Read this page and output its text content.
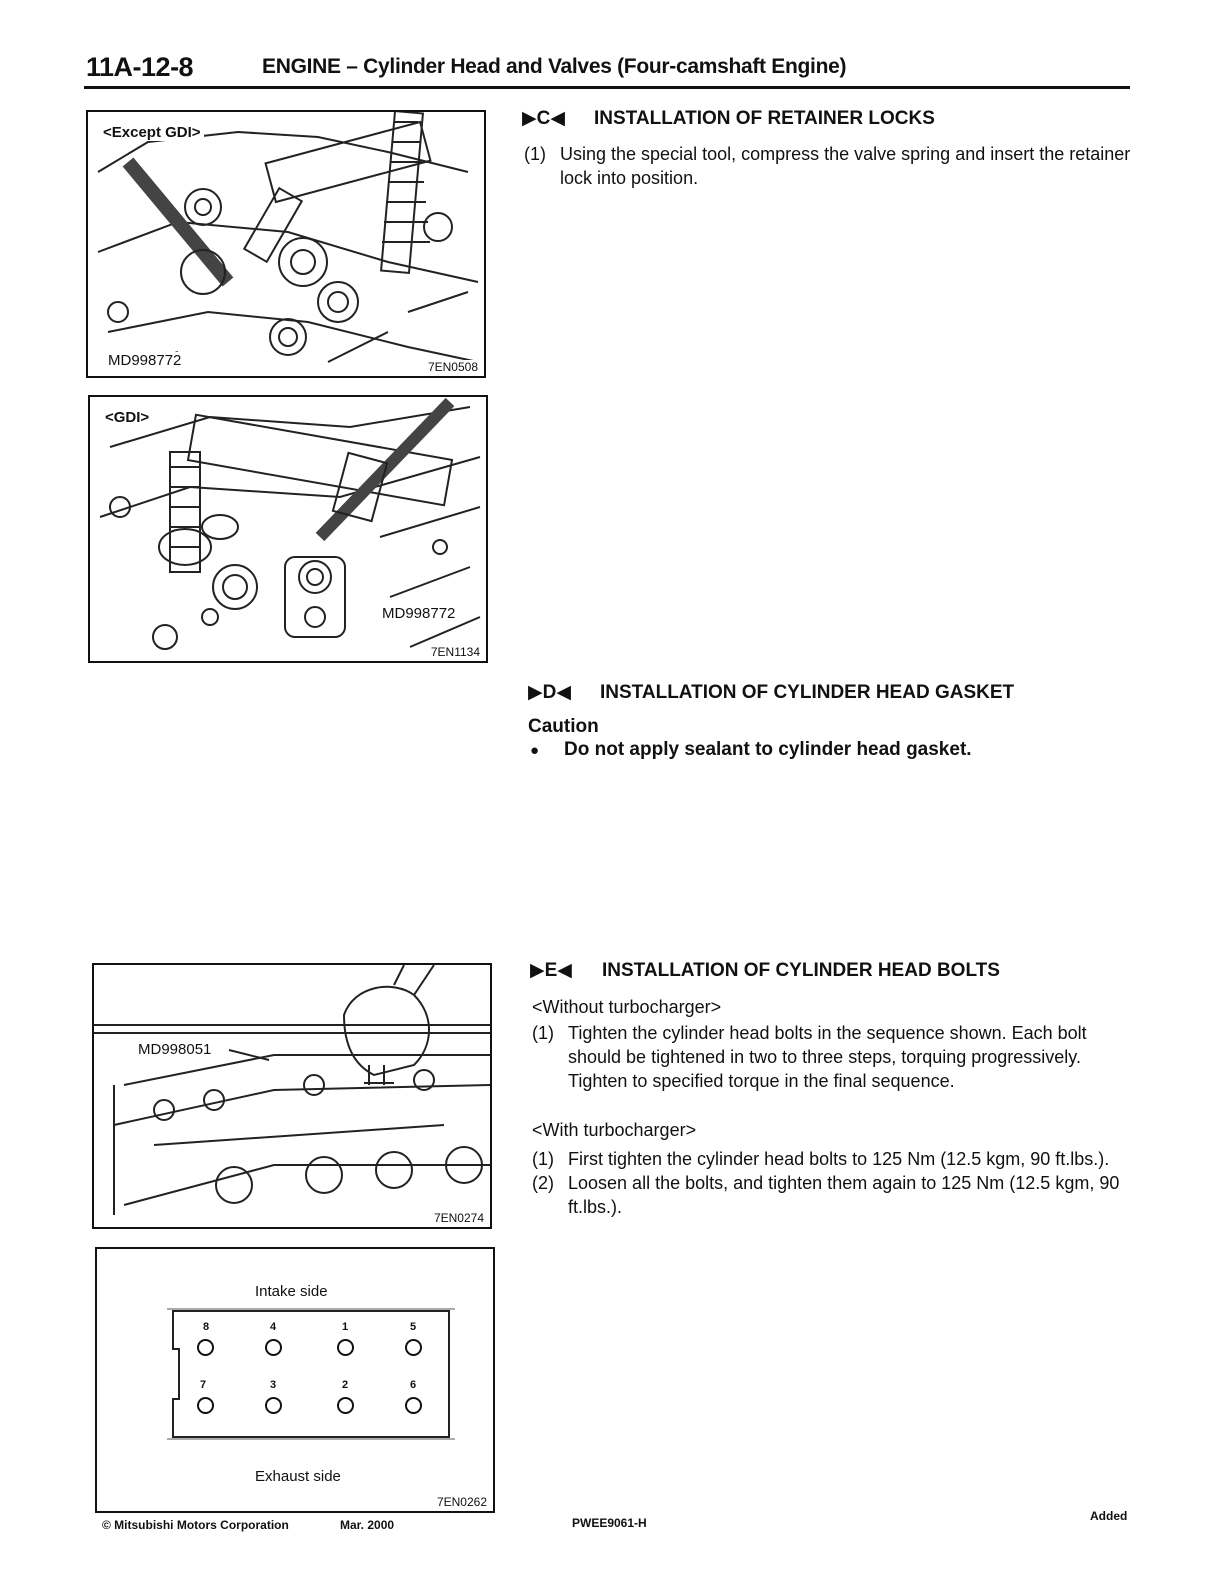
11A-12-8	ENGINE – Cylinder Head and Valves (Four-camshaft Engine)
<Except GDI>
MD998772	7EN0508
<GDI>
MD998772
7EN1134
MD998051
7EN0274
Intake side
8	4	1	5
7	3	2	6
Exhaust side
7EN0262
▶C◀ INSTALLATION OF RETAINER LOCKS
(1) Using the special tool, compress the valve spring and insert the retainer lock into position.
▶D◀ INSTALLATION OF CYLINDER HEAD GASKET
Caution
● Do not apply sealant to cylinder head gasket.
▶E◀ INSTALLATION OF CYLINDER HEAD BOLTS
<Without turbocharger>
(1) Tighten the cylinder head bolts in the sequence shown. Each bolt should be tightened in two to three steps, torquing progressively. Tighten to specified torque in the final sequence.
<With turbocharger>
(1) First tighten the cylinder head bolts to 125 Nm (12.5 kgm, 90 ft.lbs.).
(2) Loosen all the bolts, and tighten them again to 125 Nm (12.5 kgm, 90 ft.lbs.).
© Mitsubishi Motors Corporation	Mar. 2000	PWEE9061-H	Added
